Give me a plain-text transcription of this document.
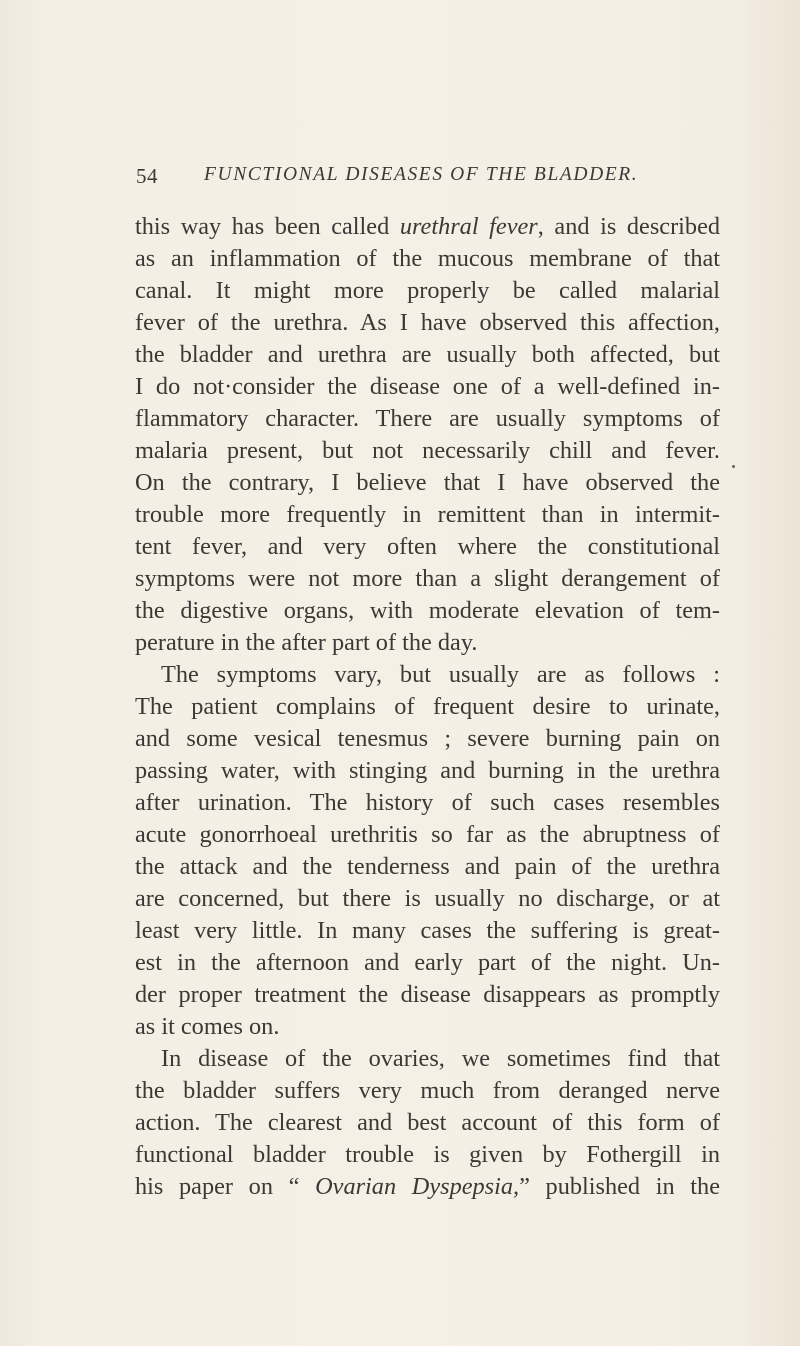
54 FUNCTIONAL DISEASES OF THE BLADDER.
this way has been called urethral fever, and is described
as an inflammation of the mucous membrane of that
canal. It might more properly be called malarial
fever of the urethra. As I have observed this affection,
the bladder and urethra are usually both affected, but
I do not·consider the disease one of a well-defined in-
flammatory character. There are usually symptoms of
malaria present, but not necessarily chill and fever.
On the contrary, I believe that I have observed the
trouble more frequently in remittent than in intermit-
tent fever, and very often where the constitutional
symptoms were not more than a slight derangement of
the digestive organs, with moderate elevation of tem-
perature in the after part of the day.
The symptoms vary, but usually are as follows :
The patient complains of frequent desire to urinate,
and some vesical tenesmus ; severe burning pain on
passing water, with stinging and burning in the urethra
after urination. The history of such cases resembles
acute gonorrhoeal urethritis so far as the abruptness of
the attack and the tenderness and pain of the urethra
are concerned, but there is usually no discharge, or at
least very little. In many cases the suffering is great-
est in the afternoon and early part of the night. Un-
der proper treatment the disease disappears as promptly
as it comes on.
In disease of the ovaries, we sometimes find that
the bladder suffers very much from deranged nerve
action. The clearest and best account of this form of
functional bladder trouble is given by Fothergill in
his paper on “ Ovarian Dyspepsia,” published in the
